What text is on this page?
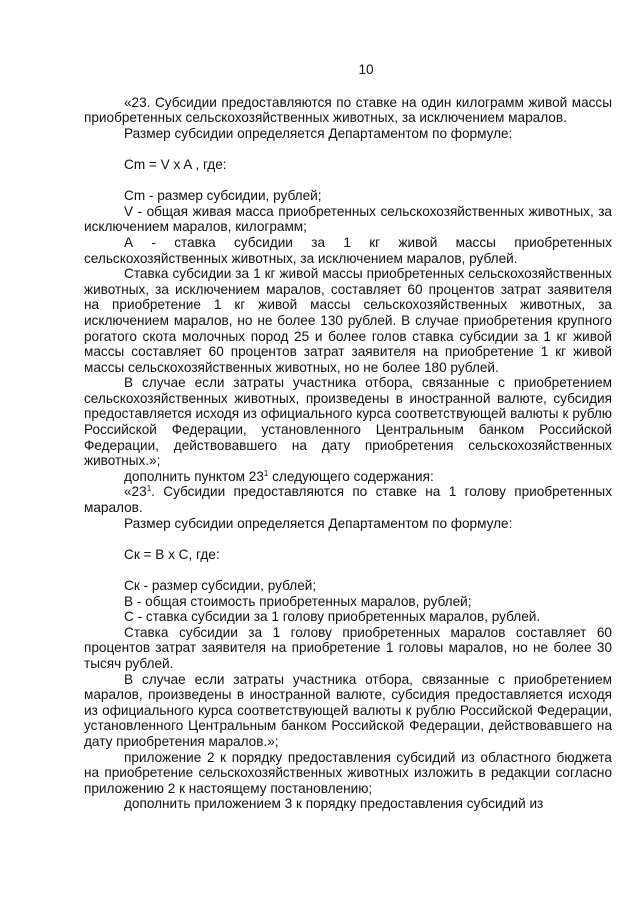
10

«23. Субсидии предоставляются по ставке на один килограмм живой массы приобретенных сельскохозяйственных животных, за исключением маралов.

Размер субсидии определяется Департаментом по формуле:

Cm = V x A , где:

Cm - размер субсидии, рублей;

V - общая живая масса приобретенных сельскохозяйственных животных, за исключением маралов, килограмм;

А - ставка субсидии за 1 кг живой массы приобретенных сельскохозяйственных животных, за исключением маралов, рублей.

Ставка субсидии за 1 кг живой массы приобретенных сельскохозяйственных животных, за исключением маралов, составляет 60 процентов затрат заявителя на приобретение 1 кг живой массы сельскохозяйственных животных, за исключением маралов, но не более 130 рублей. В случае приобретения крупного рогатого скота молочных пород 25 и более голов ставка субсидии за 1 кг живой массы составляет 60 процентов затрат заявителя на приобретение 1 кг живой массы сельскохозяйственных животных, но не более 180 рублей.

В случае если затраты участника отбора, связанные с приобретением сельскохозяйственных животных, произведены в иностранной валюте, субсидия предоставляется исходя из официального курса соответствующей валюты к рублю Российской Федерации, установленного Центральным банком Российской Федерации, действовавшего на дату приобретения сельскохозяйственных животных.»;

дополнить пунктом $23^1$ следующего содержания:

«$23^1$. Субсидии предоставляются по ставке на 1 голову приобретенных маралов.

Размер субсидии определяется Департаментом по формуле:

Ск = В х С, где:

Ск - размер субсидии, рублей;

В - общая стоимость приобретенных маралов, рублей;

С - ставка субсидии за 1 голову приобретенных маралов, рублей.

Ставка субсидии за 1 голову приобретенных маралов составляет 60 процентов затрат заявителя на приобретение 1 головы маралов, но не более 30 тысяч рублей.

В случае если затраты участника отбора, связанные с приобретением маралов, произведены в иностранной валюте, субсидия предоставляется исходя из официального курса соответствующей валюты к рублю Российской Федерации, установленного Центральным банком Российской Федерации, действовавшего на дату приобретения маралов.»;

приложение 2 к порядку предоставления субсидий из областного бюджета на приобретение сельскохозяйственных животных изложить в редакции согласно приложению 2 к настоящему постановлению;

дополнить приложением 3 к порядку предоставления субсидий из
